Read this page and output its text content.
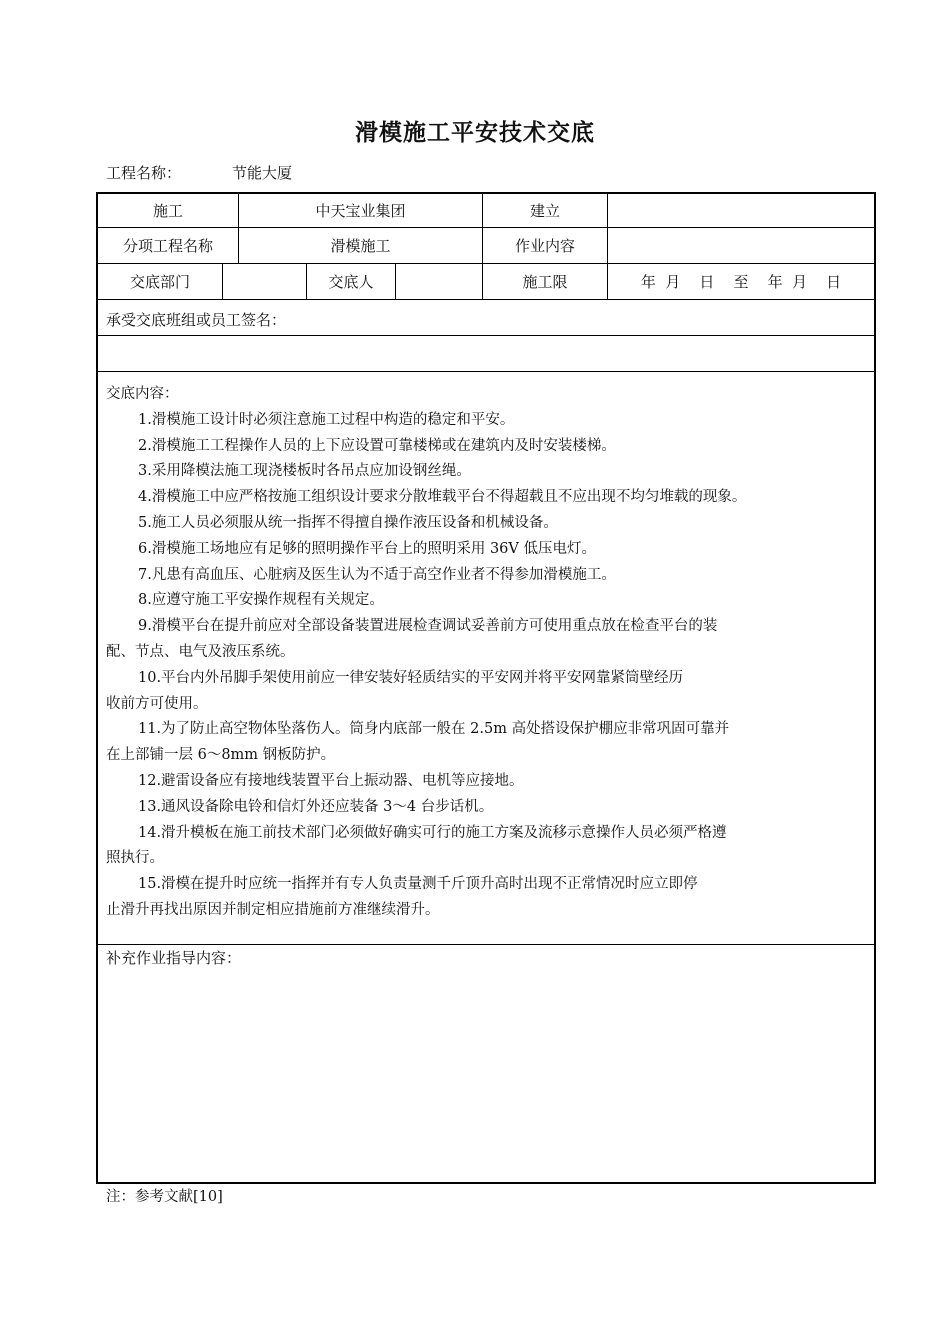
滑模施工平安技术交底
工程名称：	节能大厦
施工	中天宝业集团	建立
分项工程名称	滑模施工	作业内容
交底部门	交底人	施工限	年  月    日    至    年  月    日
承受交底班组或员工签名：
交底内容：
1.滑模施工设计时必须注意施工过程中构造的稳定和平安。
2.滑模施工工程操作人员的上下应设置可靠楼梯或在建筑内及时安装楼梯。
3.采用降模法施工现浇楼板时各吊点应加设钢丝绳。
4.滑模施工中应严格按施工组织设计要求分散堆载平台不得超载且不应出现不均匀堆载的现象。
5.施工人员必须服从统一指挥不得擅自操作液压设备和机械设备。
6.滑模施工场地应有足够的照明操作平台上的照明采用 36V 低压电灯。
7.凡患有高血压、心脏病及医生认为不适于高空作业者不得参加滑模施工。
8.应遵守施工平安操作规程有关规定。
9.滑模平台在提升前应对全部设备装置进展检查调试妥善前方可使用重点放在检查平台的装
配、节点、电气及液压系统。
10.平台内外吊脚手架使用前应一律安装好轻质结实的平安网并将平安网靠紧筒壁经历
收前方可使用。
11.为了防止高空物体坠落伤人。筒身内底部一般在 2.5m 高处搭设保护棚应非常巩固可靠并
在上部铺一层 6～8mm 钢板防护。
12.避雷设备应有接地线装置平台上振动器、电机等应接地。
13.通风设备除电铃和信灯外还应装备 3～4 台步话机。
14.滑升模板在施工前技术部门必须做好确实可行的施工方案及流移示意操作人员必须严格遵
照执行。
15.滑模在提升时应统一指挥并有专人负责量测千斤顶升高时出现不正常情况时应立即停
止滑升再找出原因并制定相应措施前方准继续滑升。
补充作业指导内容：
注：参考文献[10]
